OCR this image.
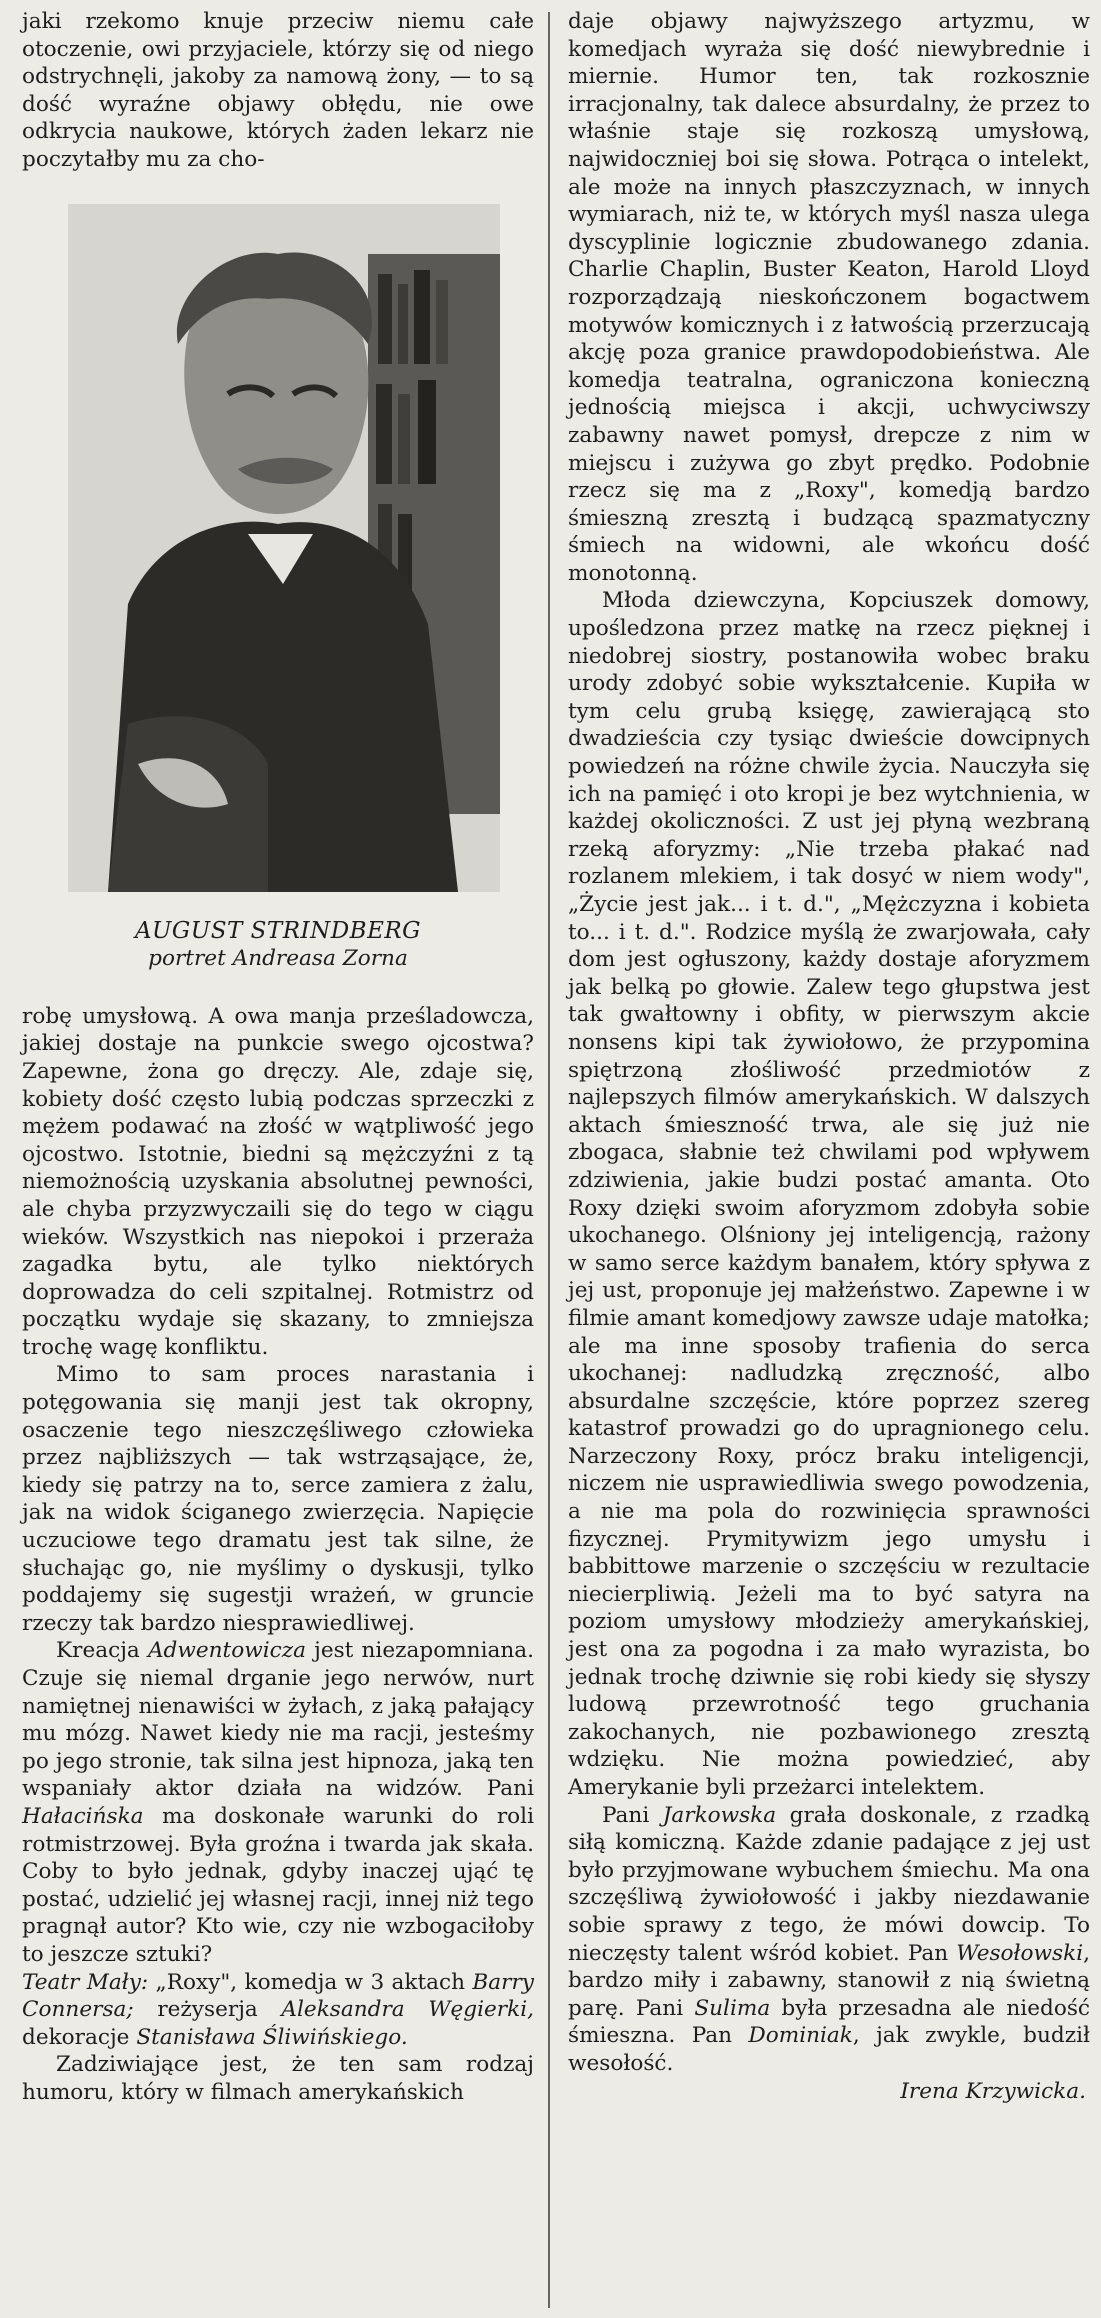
jaki rzekomo knuje przeciw niemu całe otoczenie, owi przyjaciele, którzy się od niego odstrychnęli, jakoby za namową żony, — to są dość wyraźne objawy obłędu, nie owe odkrycia naukowe, których żaden lekarz nie poczytałby mu za cho-

AUGUST STRINDBERG
portret Andreasa Zorna

robę umysłową. A owa manja prześladowcza, jakiej dostaje na punkcie swego ojcostwa? Zapewne, żona go dręczy. Ale, zdaje się, kobiety dość często lubią podczas sprzeczki z mężem podawać na złość w wątpliwość jego ojcostwo. Istotnie, biedni są mężczyźni z tą niemożnością uzyskania absolutnej pewności, ale chyba przyzwyczaili się do tego w ciągu wieków. Wszystkich nas niepokoi i przeraża zagadka bytu, ale tylko niektórych doprowadza do celi szpitalnej. Rotmistrz od początku wydaje się skazany, to zmniejsza trochę wagę konfliktu.

Mimo to sam proces narastania i potęgowania się manji jest tak okropny, osaczenie tego nieszczęśliwego człowieka przez najbliższych — tak wstrząsające, że, kiedy się patrzy na to, serce zamiera z żalu, jak na widok ściganego zwierzęcia. Napięcie uczuciowe tego dramatu jest tak silne, że słuchając go, nie myślimy o dyskusji, tylko poddajemy się sugestji wrażeń, w gruncie rzeczy tak bardzo niesprawiedliwej.

Kreacja Adwentowicza jest niezapomniana. Czuje się niemal drganie jego nerwów, nurt namiętnej nienawiści w żyłach, z jaką pałający mu mózg. Nawet kiedy nie ma racji, jesteśmy po jego stronie, tak silna jest hipnoza, jaką ten wspaniały aktor działa na widzów. Pani Hałacińska ma doskonałe warunki do roli rotmistrzowej. Była groźna i twarda jak skała. Coby to było jednak, gdyby inaczej ująć tę postać, udzielić jej własnej racji, innej niż tego pragnął autor? Kto wie, czy nie wzbogaciłoby to jeszcze sztuki?

Teatr Mały: „Roxy", komedja w 3 aktach Barry Connersa; reżyserja Aleksandra Węgierki, dekoracje Stanisława Śliwińskiego.

Zadziwiające jest, że ten sam rodzaj humoru, który w filmach amerykańskich

daje objawy najwyższego artyzmu, w komedjach wyraża się dość niewybrednie i miernie. Humor ten, tak rozkosznie irracjonalny, tak dalece absurdalny, że przez to właśnie staje się rozkoszą umysłową, najwidoczniej boi się słowa. Potrąca o intelekt, ale może na innych płaszczyznach, w innych wymiarach, niż te, w których myśl nasza ulega dyscyplinie logicznie zbudowanego zdania. Charlie Chaplin, Buster Keaton, Harold Lloyd rozporządzają nieskończonem bogactwem motywów komicznych i z łatwością przerzucają akcję poza granice prawdopodobieństwa. Ale komedja teatralna, ograniczona konieczną jednością miejsca i akcji, uchwyciwszy zabawny nawet pomysł, drepcze z nim w miejscu i zużywa go zbyt prędko. Podobnie rzecz się ma z „Roxy", komedją bardzo śmieszną zresztą i budzącą spazmatyczny śmiech na widowni, ale wkońcu dość monotonną.

Młoda dziewczyna, Kopciuszek domowy, upośledzona przez matkę na rzecz pięknej i niedobrej siostry, postanowiła wobec braku urody zdobyć sobie wykształcenie. Kupiła w tym celu grubą księgę, zawierającą sto dwadzieścia czy tysiąc dwieście dowcipnych powiedzeń na różne chwile życia. Nauczyła się ich na pamięć i oto kropi je bez wytchnienia, w każdej okoliczności. Z ust jej płyną wezbraną rzeką aforyzmy: „Nie trzeba płakać nad rozlanem mlekiem, i tak dosyć w niem wody", „Życie jest jak... i t. d.", „Mężczyzna i kobieta to... i t. d.". Rodzice myślą że zwarjowała, cały dom jest ogłuszony, każdy dostaje aforyzmem jak belką po głowie. Zalew tego głupstwa jest tak gwałtowny i obfity, w pierwszym akcie nonsens kipi tak żywiołowo, że przypomina spiętrzoną złośliwość przedmiotów z najlepszych filmów amerykańskich. W dalszych aktach śmieszność trwa, ale się już nie zbogaca, słabnie też chwilami pod wpływem zdziwienia, jakie budzi postać amanta. Oto Roxy dzięki swoim aforyzmom zdobyła sobie ukochanego. Olśniony jej inteligencją, rażony w samo serce każdym banałem, który spływa z jej ust, proponuje jej małżeństwo. Zapewne i w filmie amant komedjowy zawsze udaje matołka; ale ma inne sposoby trafienia do serca ukochanej: nadludzką zręczność, albo absurdalne szczęście, które poprzez szereg katastrof prowadzi go do upragnionego celu. Narzeczony Roxy, prócz braku inteligencji, niczem nie usprawiedliwia swego powodzenia, a nie ma pola do rozwinięcia sprawności fizycznej. Prymitywizm jego umysłu i babbittowe marzenie o szczęściu w rezultacie niecierpliwią. Jeżeli ma to być satyra na poziom umysłowy młodzieży amerykańskiej, jest ona za pogodna i za mało wyrazista, bo jednak trochę dziwnie się robi kiedy się słyszy ludową przewrotność tego gruchania zakochanych, nie pozbawionego zresztą wdzięku. Nie można powiedzieć, aby Amerykanie byli przeżarci intelektem.

Pani Jarkowska grała doskonale, z rzadką siłą komiczną. Każde zdanie padające z jej ust było przyjmowane wybuchem śmiechu. Ma ona szczęśliwą żywiołowość i jakby niezdawanie sobie sprawy z tego, że mówi dowcip. To nieczęsty talent wśród kobiet. Pan Wesołowski, bardzo miły i zabawny, stanowił z nią świetną parę. Pani Sulima była przesadna ale niedość śmieszna. Pan Dominiak, jak zwykle, budził wesołość.

Irena Krzywicka.
